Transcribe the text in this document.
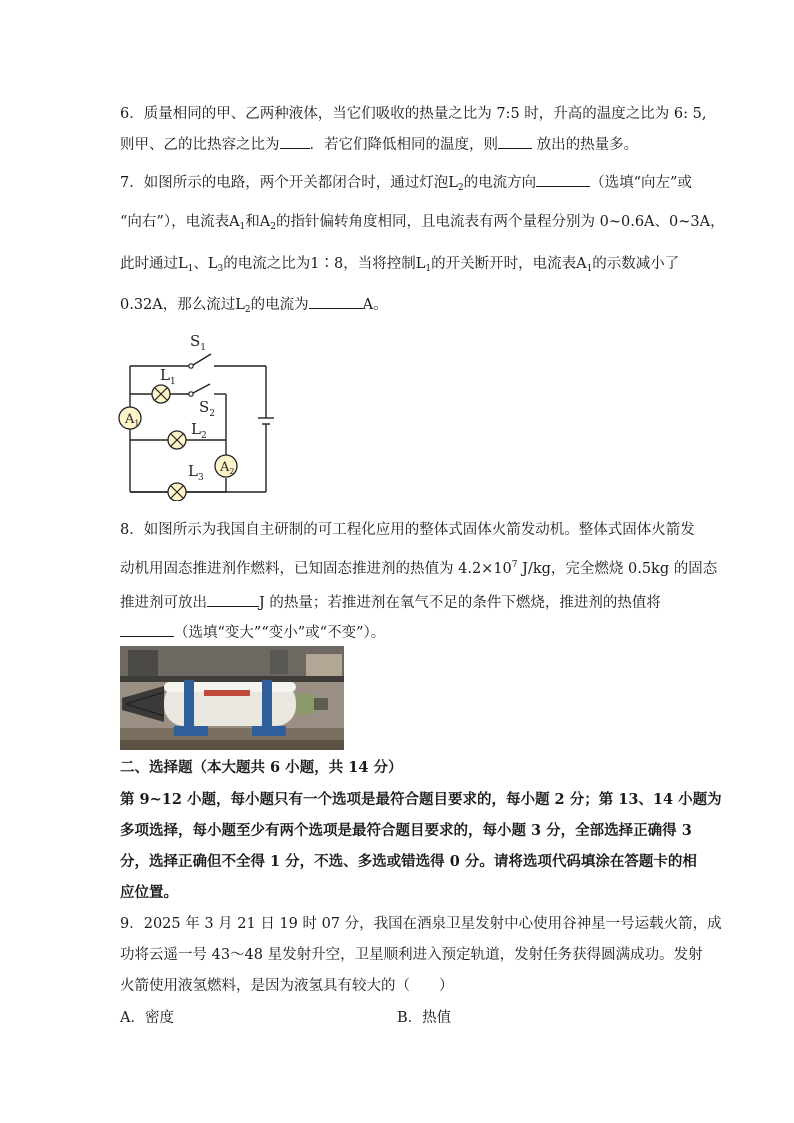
6．质量相同的甲、乙两种液体，当它们吸收的热量之比为 7:5 时，升高的温度之比为 6: 5,
则甲、乙的比热容之比为 ．若它们降低相同的温度，则 放出的热量多。
7．如图所示的电路，两个开关都闭合时，通过灯泡$L_2$的电流方向	（选填“向左”或
“向右”），电流表$A_1$和$A_2$的指针偏转角度相同，且电流表有两个量程分别为 0~0.6A、0~3A，
此时通过$L_1$、$L_3$的电流之比为1∶8，当将控制$L_1$的开关断开时，电流表$A_1$的示数减小了
0.32A，那么流过$L_2$的电流为	A。
$A_1$
$A_2$
$S_1$
$L_1$
$S_2$
$L_2$
$L_3$
8．如图所示为我国自主研制的可工程化应用的整体式固体火箭发动机。整体式固体火箭发
动机用固态推进剂作燃料，已知固态推进剂的热值为 $4.2\times 10^7$ J/kg，完全燃烧 0.5kg 的固态
推进剂可放出	J 的热量；若推进剂在氧气不足的条件下燃烧，推进剂的热值将
（选填“变大”“变小”或“不变”）。
二、选择题（本大题共 6 小题，共 14 分）
第 9~12 小题，每小题只有一个选项是最符合题目要求的，每小题 2 分；第 13、14 小题为
多项选择，每小题至少有两个选项是最符合题目要求的，每小题 3 分，全部选择正确得 3
分，选择正确但不全得 1 分，不选、多选或错选得 0 分。请将选项代码填涂在答题卡的相
应位置。
9．2025 年 3 月 21 日 19 时 07 分，我国在酒泉卫星发射中心使用谷神星一号运载火箭，成
功将云遥一号 43～48 星发射升空，卫星顺利进入预定轨道，发射任务获得圆满成功。发射
火箭使用液氢燃料，是因为液氢具有较大的（　　）
A．密度	B．热值
